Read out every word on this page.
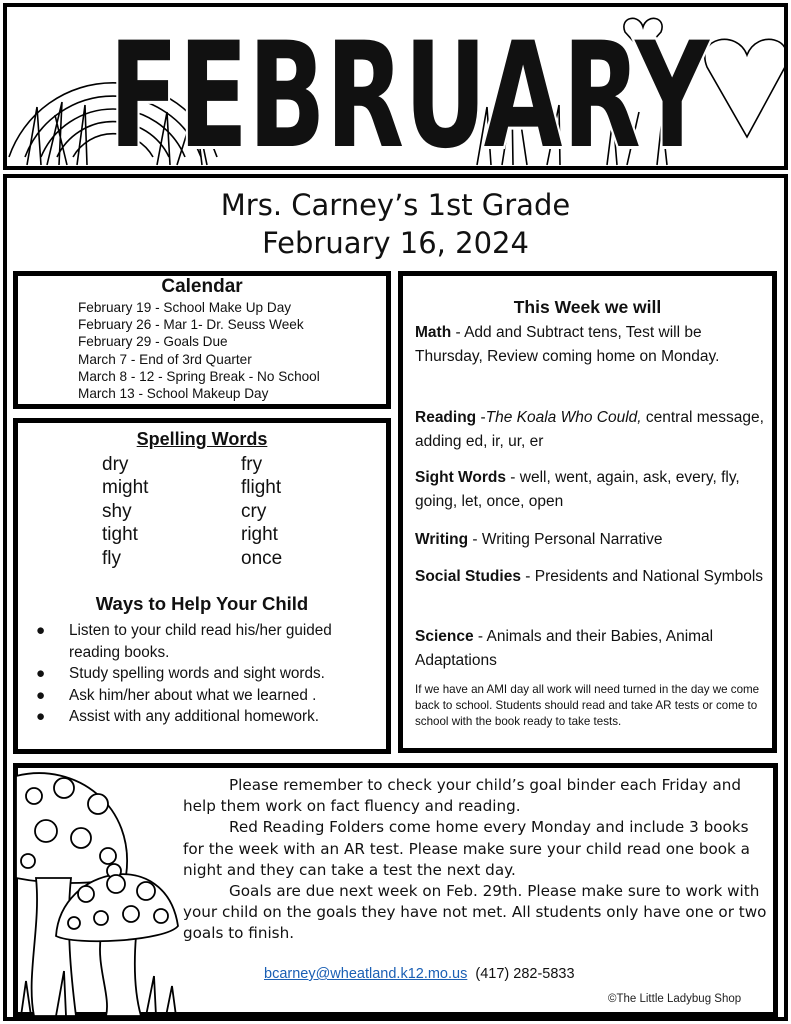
FEBRUARY
Mrs. Carney’s 1st Grade
February 16, 2024
Calendar
February 19 - School Make Up Day
February 26 - Mar 1- Dr. Seuss Week
February 29 - Goals Due
March 7 - End of 3rd Quarter
March 8 - 12 - Spring Break - No School
March 13 - School Makeup Day
Spelling Words
dry
might
shy
tight
fly
fry
flight
cry
right
once
Ways to Help Your Child
● Listen to your child read his/her guided reading books.
● Study spelling words and sight words.
● Ask him/her about what we learned .
● Assist with any additional homework.
This Week we will
Math - Add and Subtract tens, Test will be Thursday, Review coming home on Monday.
Reading -The Koala Who Could, central message, adding ed, ir, ur, er
Sight Words - well, went, again, ask, every, fly, going, let, once, open
Writing - Writing Personal Narrative
Social Studies - Presidents and National Symbols
Science - Animals and their Babies, Animal Adaptations
If we have an AMI day all work will need turned in the day we come back to school. Students should read and take AR tests or come to school with the book ready to take tests.

Please remember to check your child’s goal binder each Friday and help them work on fact fluency and reading.

Red Reading Folders come home every Monday and include 3 books for the week with an AR test. Please make sure your child read one book a night and they can take a test the next day.

Goals are due next week on Feb. 29th. Please make sure to work with your child on the goals they have not met. All students only have one or two goals to finish.

bcarney@wheatland.k12.mo.us (417) 282-5833
©The Little Ladybug Shop
